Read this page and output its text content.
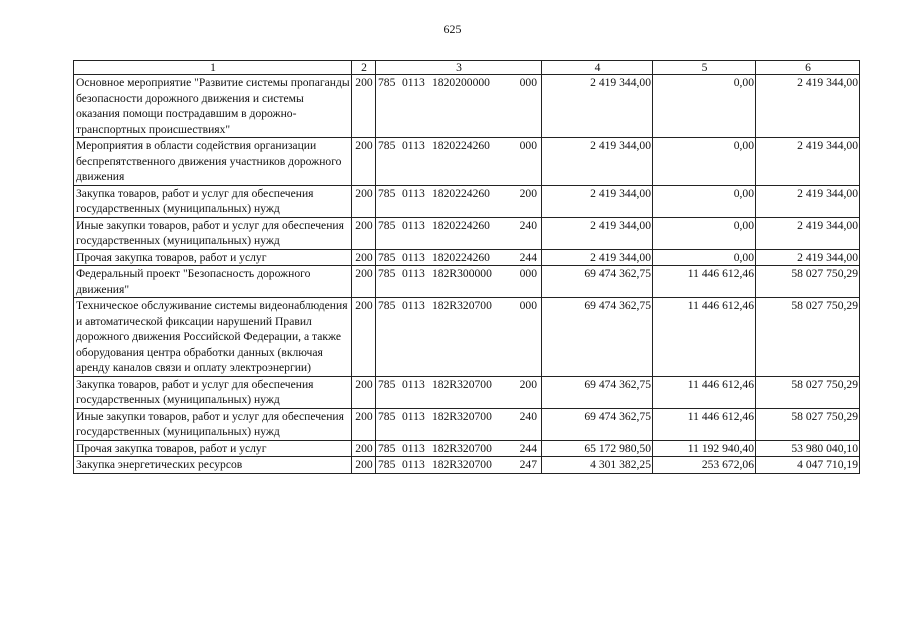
625
1	2	3	4	5	6
Основное мероприятие "Развитие системы пропаганды безопасности дорожного движения и системы оказания помощи пострадавшим в дорожно-транспортных происшествиях"	200	785 0113 1820200000 000	2 419 344,00	0,00	2 419 344,00
Мероприятия в области содействия организации беспрепятственного движения участников дорожного движения	200	785 0113 1820224260 000	2 419 344,00	0,00	2 419 344,00
Закупка товаров, работ и услуг для обеспечения государственных (муниципальных) нужд	200	785 0113 1820224260 200	2 419 344,00	0,00	2 419 344,00
Иные закупки товаров, работ и услуг для обеспечения государственных (муниципальных) нужд	200	785 0113 1820224260 240	2 419 344,00	0,00	2 419 344,00
Прочая закупка товаров, работ и услуг	200	785 0113 1820224260 244	2 419 344,00	0,00	2 419 344,00
Федеральный проект "Безопасность дорожного движения"	200	785 0113 182R300000 000	69 474 362,75	11 446 612,46	58 027 750,29
Техническое обслуживание системы видеонаблюдения и автоматической фиксации нарушений Правил дорожного движения Российской Федерации, а также оборудования центра обработки данных (включая аренду каналов связи и оплату электроэнергии)	200	785 0113 182R320700 000	69 474 362,75	11 446 612,46	58 027 750,29
Закупка товаров, работ и услуг для обеспечения государственных (муниципальных) нужд	200	785 0113 182R320700 200	69 474 362,75	11 446 612,46	58 027 750,29
Иные закупки товаров, работ и услуг для обеспечения государственных (муниципальных) нужд	200	785 0113 182R320700 240	69 474 362,75	11 446 612,46	58 027 750,29
Прочая закупка товаров, работ и услуг	200	785 0113 182R320700 244	65 172 980,50	11 192 940,40	53 980 040,10
Закупка энергетических ресурсов	200	785 0113 182R320700 247	4 301 382,25	253 672,06	4 047 710,19
